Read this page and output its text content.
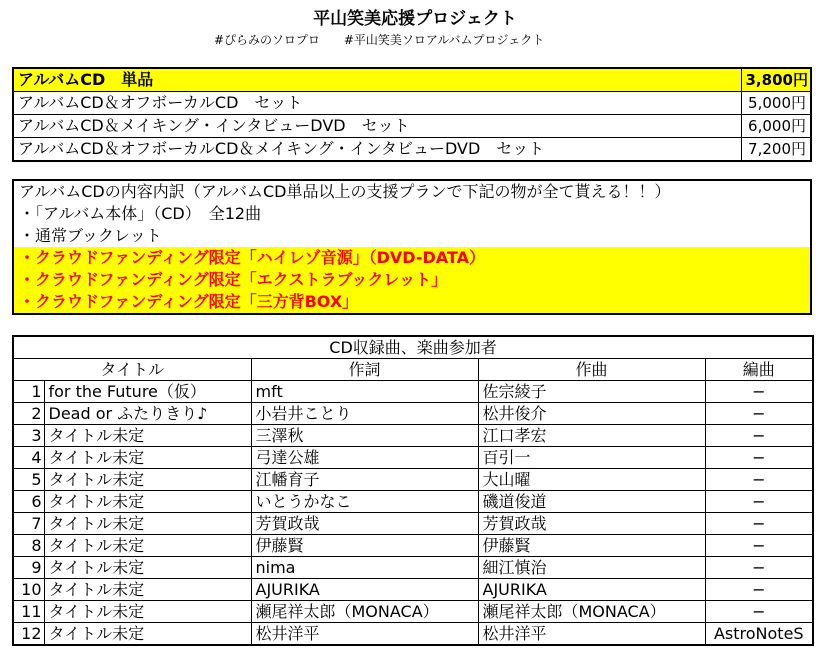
平山笑美応援プロジェクト
#ぴらみのソロプロ　　#平山笑美ソロアルバムプロジェクト
アルバムCD　単品	3,800円
アルバムCD＆オフボーカルCD　セット	5,000円
アルバムCD＆メイキング・インタビューDVD　セット	6,000円
アルバムCD＆オフボーカルCD＆メイキング・インタビューDVD　セット	7,200円
アルバムCDの内容内訳（アルバムCD単品以上の支援プランで下記の物が全て貰える！！）
・「アルバム本体」（CD）　全12曲
・通常ブックレット
・クラウドファンディング限定「ハイレゾ音源」（DVD-DATA）
・クラウドファンディング限定「エクストラブックレット」
・クラウドファンディング限定「三方背BOX」
CD収録曲、楽曲参加者				
タイトル		作詞	作曲	編曲
1	for the Future（仮）	mft	佐宗綾子	−
2	Dead or ふたりきり♪	小岩井ことり	松井俊介	−
3	タイトル未定	三澤秋	江口孝宏	−
4	タイトル未定	弓達公雄	百引一	−
5	タイトル未定	江幡育子	大山曜	−
6	タイトル未定	いとうかなこ	磯道俊道	−
7	タイトル未定	芳賀政哉	芳賀政哉	−
8	タイトル未定	伊藤賢	伊藤賢	−
9	タイトル未定	nima	細江慎治	−
10	タイトル未定	AJURIKA	AJURIKA	−
11	タイトル未定	瀬尾祥太郎（MONACA）	瀬尾祥太郎（MONACA）	−
12	タイトル未定	松井洋平	松井洋平	AstroNoteS
